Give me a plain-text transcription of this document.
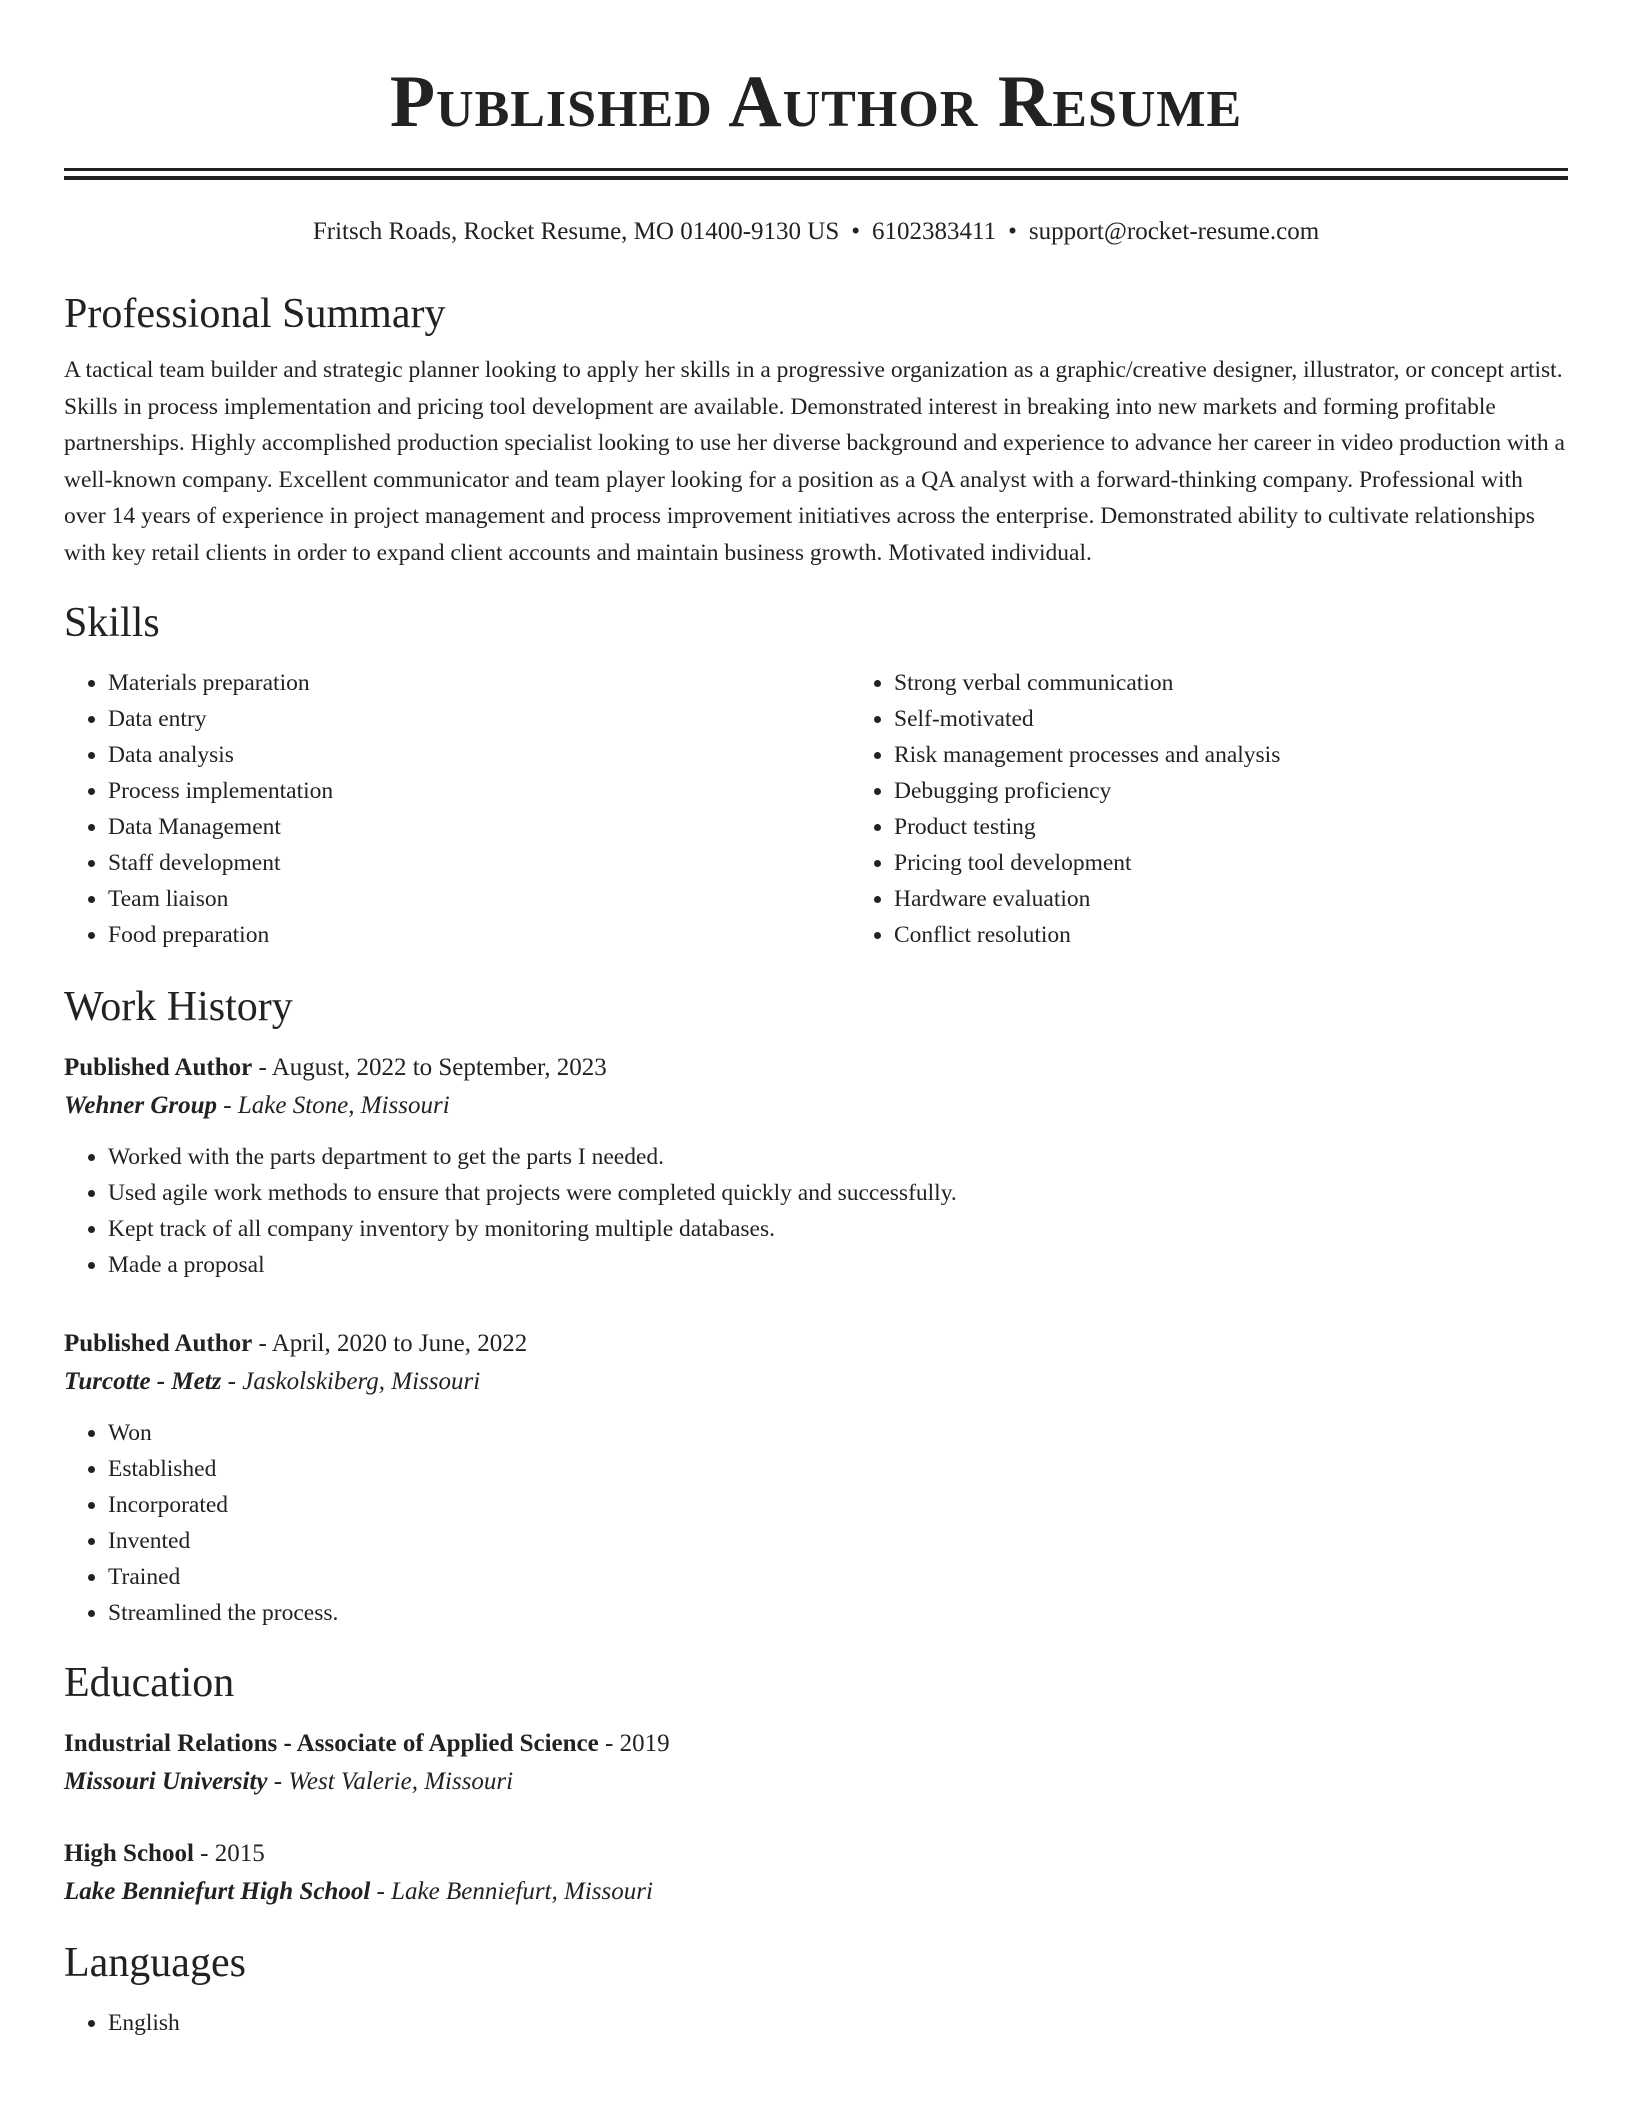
Published Author Resume
Fritsch Roads, Rocket Resume, MO 01400-9130 US • 6102383411 • support@rocket-resume.com
Professional Summary

A tactical team builder and strategic planner looking to apply her skills in a progressive organization as a graphic/creative designer, illustrator, or concept artist. Skills in process implementation and pricing tool development are available. Demonstrated interest in breaking into new markets and forming profitable partnerships. Highly accomplished production specialist looking to use her diverse background and experience to advance her career in video production with a well-known company. Excellent communicator and team player looking for a position as a QA analyst with a forward-thinking company. Professional with over 14 years of experience in project management and process improvement initiatives across the enterprise. Demonstrated ability to cultivate relationships with key retail clients in order to expand client accounts and maintain business growth. Motivated individual.

Skills
• Materials preparation
• Data entry
• Data analysis
• Process implementation
• Data Management
• Staff development
• Team liaison
• Food preparation
• Strong verbal communication
• Self-motivated
• Risk management processes and analysis
• Debugging proficiency
• Product testing
• Pricing tool development
• Hardware evaluation
• Conflict resolution
Work History
Published Author - August, 2022 to September, 2023
Wehner Group - Lake Stone, Missouri
• Worked with the parts department to get the parts I needed.
• Used agile work methods to ensure that projects were completed quickly and successfully.
• Kept track of all company inventory by monitoring multiple databases.
• Made a proposal
Published Author - April, 2020 to June, 2022
Turcotte - Metz - Jaskolskiberg, Missouri
• Won
• Established
• Incorporated
• Invented
• Trained
• Streamlined the process.
Education
Industrial Relations - Associate of Applied Science - 2019
Missouri University - West Valerie, Missouri
High School - 2015
Lake Benniefurt High School - Lake Benniefurt, Missouri
Languages
• English
